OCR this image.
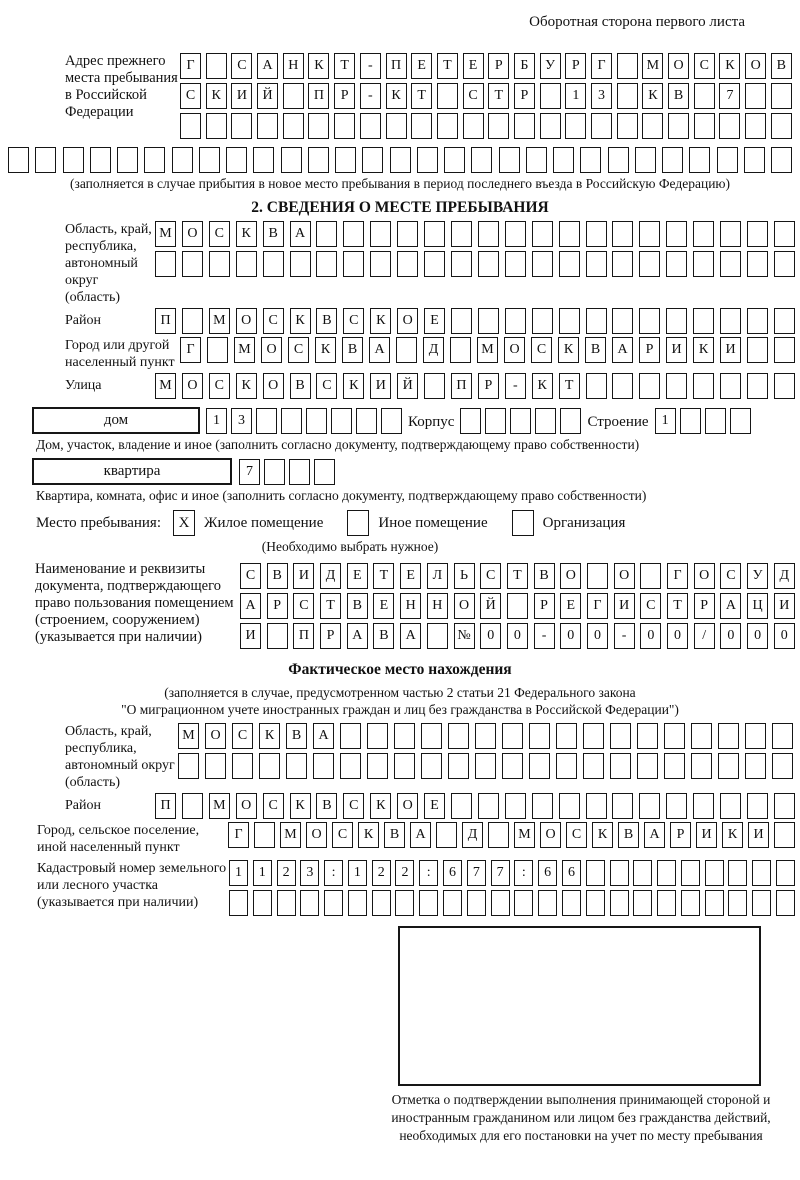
Оборотная сторона первого листа
Адрес прежнего места пребывания в Российской Федерации
Г	С	А	Н	К	Т	-	П	Е	Т	Е	Р	Б	У	Р	Г	М	О	С	К	О	В
С	К	И	Й	П	Р	-	К	Т	С	Т	Р	1	3	К	В	7
(заполняется в случае прибытия в новое место пребывания в период последнего въезда в Российскую Федерацию)
2. СВЕДЕНИЯ О МЕСТЕ ПРЕБЫВАНИЯ
Область, край, республика, автономный округ (область)
М	О	С	К	В	А
Район	П	М	О	С	К	В	С	К	О	Е
Город или другой населенный пункт
Г	М	О	С	К	В	А	Д	М	О	С	К	В	А	Р	И	К	И
Улица	М	О	С	К	О	В	С	К	И	Й	П	Р	-	К	Т
дом	1	3	Корпус	Строение 1
Дом, участок, владение и иное (заполнить согласно документу, подтверждающему право собственности)
квартира	7
Квартира, комната, офис и иное (заполнить согласно документу, подтверждающему право собственности)
Место пребывания:	X Жилое помещение	Иное помещение	Организация
(Необходимо выбрать нужное)
Наименование и реквизиты документа, подтверждающего право пользования помещением (строением, сооружением) (указывается при наличии)
С	В	И	Д	Е	Т	Е	Л	Ь	С	Т	В	О	О	Г	О	С	У	Д
А	Р	С	Т	В	Е	Н	Н	О	Й	Р	Е	Г	И	С	Т	Р	А	Ц	И
И	П	Р	А	В	А	№	0	0	-	0	0	-	0	0	/	0	0	0
Фактическое место нахождения
(заполняется в случае, предусмотренном частью 2 статьи 21 Федерального закона
"О миграционном учете иностранных граждан и лиц без гражданства в Российской Федерации")
Область, край, республика, автономный округ (область)
М	О	С	К	В	А
Район	П	М	О	С	К	В	С	К	О	Е
Город, сельское поселение, иной населенный пункт
Г	М	О	С	К	В	А	Д	М	О	С	К	В	А	Р	И	К	И
Кадастровый номер земельного или лесного участка (указывается при наличии)
1	1	2	3	:	1	2	2	:	6	7	7	:	6	6
Отметка о подтверждении выполнения принимающей стороной и иностранным гражданином или лицом без гражданства действий, необходимых для его постановки на учет по месту пребывания
